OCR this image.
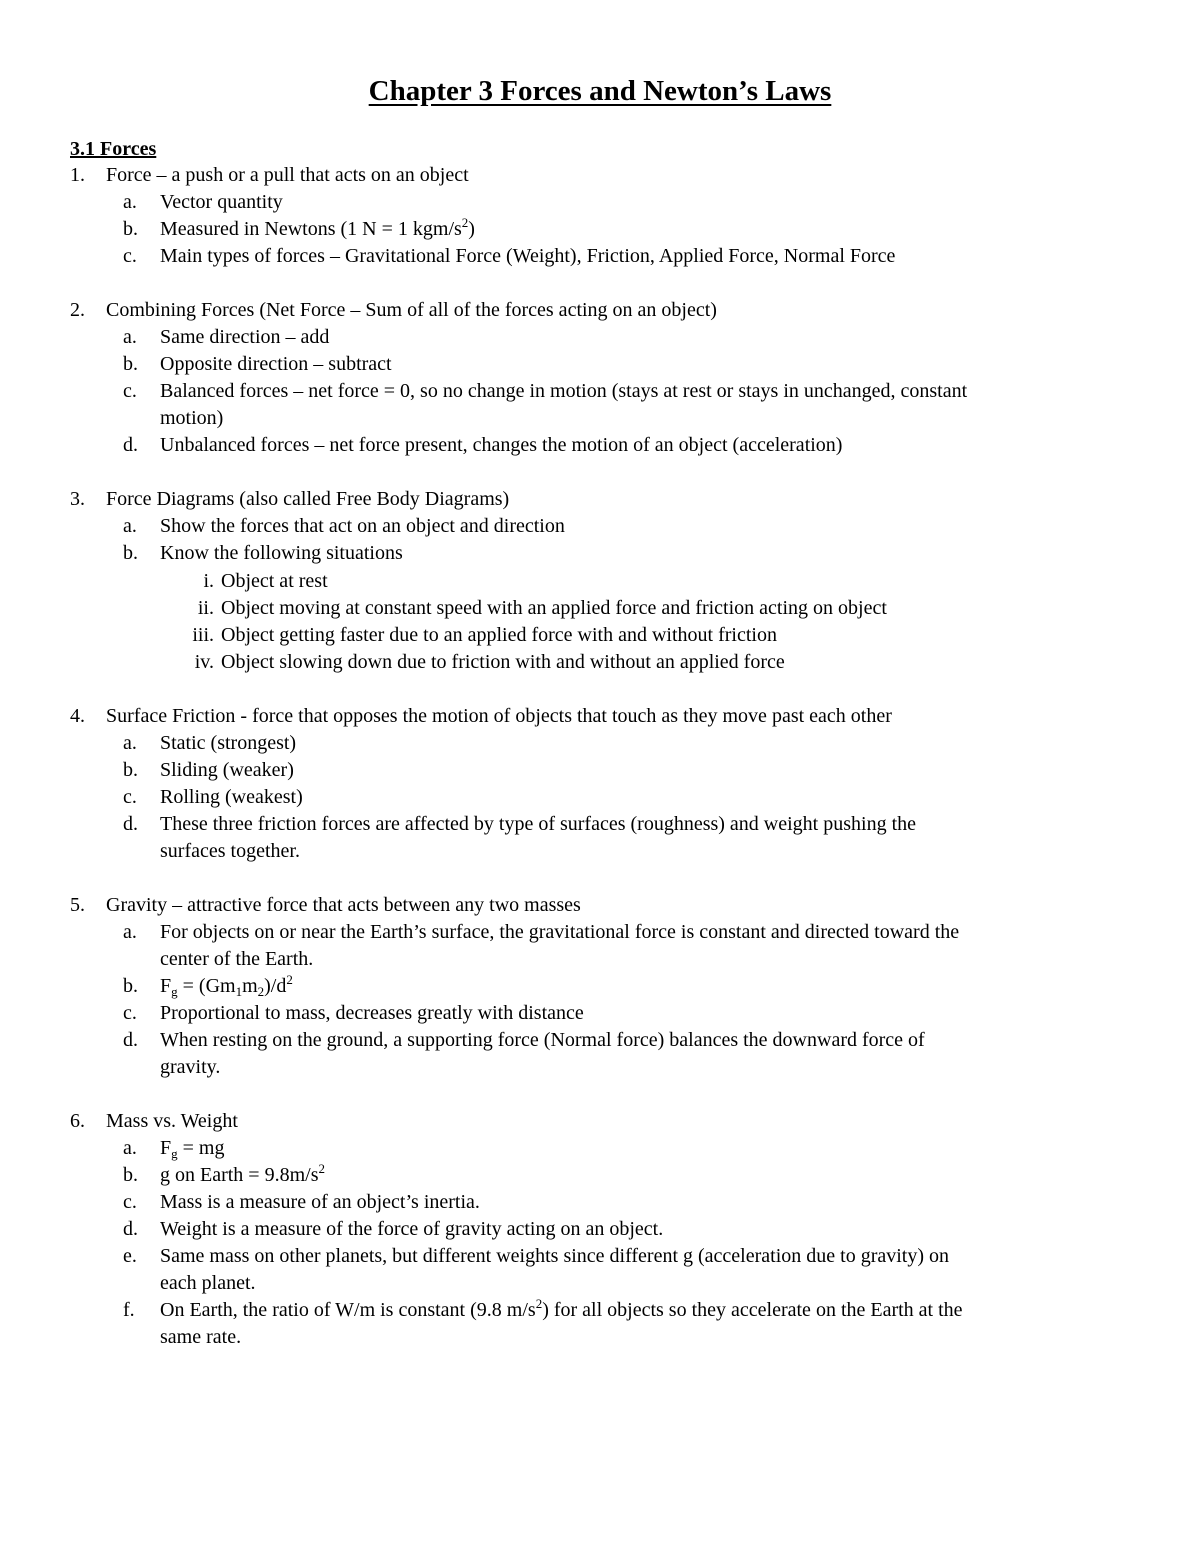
Chapter 3 Forces and Newton’s Laws
3.1 Forces
1.	Force – a push or a pull that acts on an object
a. Vector quantity
b. Measured in Newtons (1 N = 1 kgm/$s^2$)
c. Main types of forces – Gravitational Force (Weight), Friction, Applied Force, Normal Force
2.	Combining Forces (Net Force – Sum of all of the forces acting on an object)
a. Same direction – add
b. Opposite direction – subtract
c. Balanced forces – net force = 0, so no change in motion (stays at rest or stays in unchanged, constant
motion)
d. Unbalanced forces – net force present, changes the motion of an object (acceleration)
3.	Force Diagrams (also called Free Body Diagrams)
a. Show the forces that act on an object and direction
b. Know the following situations
i. Object at rest
ii. Object moving at constant speed with an applied force and friction acting on object
iii. Object getting faster due to an applied force with and without friction
iv. Object slowing down due to friction with and without an applied force
4.	Surface Friction - force that opposes the motion of objects that touch as they move past each other
a. Static (strongest)
b. Sliding (weaker)
c. Rolling (weakest)
d. These three friction forces are affected by type of surfaces (roughness) and weight pushing the
surfaces together.
5.	Gravity – attractive force that acts between any two masses
a. For objects on or near the Earth’s surface, the gravitational force is constant and directed toward the
center of the Earth.
b. $F_g = (Gm_1m_2)/d^2$
c. Proportional to mass, decreases greatly with distance
d. When resting on the ground, a supporting force (Normal force) balances the downward force of
gravity.
6.	Mass vs. Weight
a. $F_g$ = mg
b. g on Earth = $9.8m/s^2$
c. Mass is a measure of an object’s inertia.
d. Weight is a measure of the force of gravity acting on an object.
e. Same mass on other planets, but different weights since different g (acceleration due to gravity) on
each planet.
f. On Earth, the ratio of W/m is constant (9.8 $m/s^2$) for all objects so they accelerate on the Earth at the
same rate.
